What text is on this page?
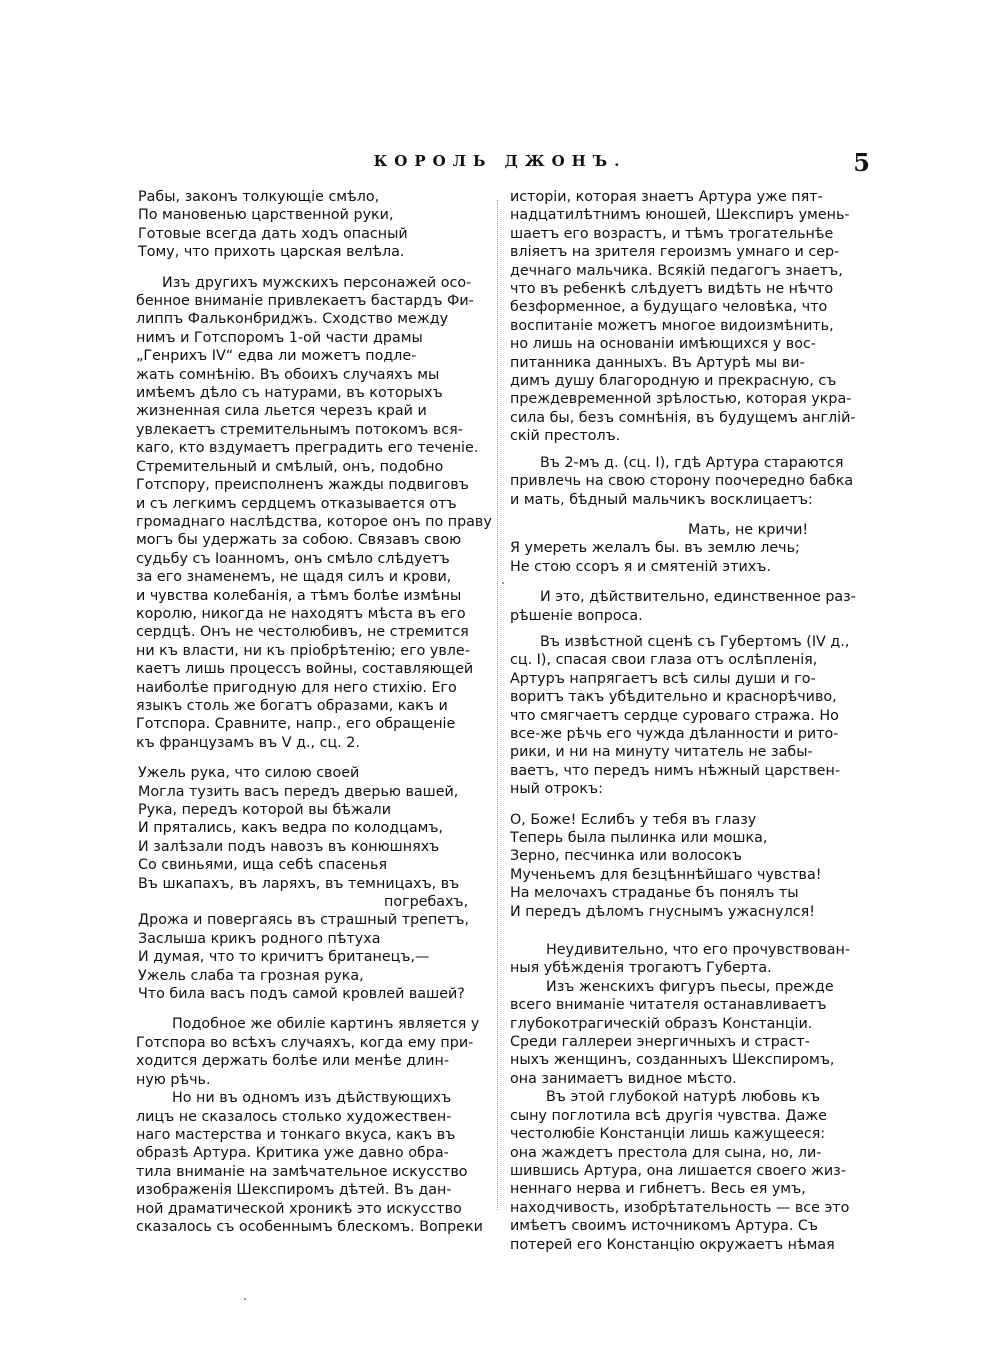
КОРОЛЬ ДЖОНЪ.	5
Рабы, законъ толкующіе смѣло,
По мановенью царственной руки,
Готовые всегда дать ходъ опасный
Тому, что прихоть царская велѣла.
Изъ другихъ мужскихъ персонажей осо-
бенное вниманіе привлекаетъ бастардъ Фи-
липпъ Фальконбриджъ. Сходство между
нимъ и Готспоромъ 1-ой части драмы
„Генрихъ IV“ едва ли можетъ подле-
жать сомнѣнію. Въ обоихъ случаяхъ мы
имѣемъ дѣло съ натурами, въ которыхъ
жизненная сила льется черезъ край и
увлекаетъ стремительнымъ потокомъ вся-
каго, кто вздумаетъ преградить его теченіе.
Стремительный и смѣлый, онъ, подобно
Готспору, преисполненъ жажды подвиговъ
и съ легкимъ сердцемъ отказывается отъ
громаднаго наслѣдства, которое онъ по праву
могъ бы удержать за собою. Связавъ свою
судьбу съ Іоанномъ, онъ смѣло слѣдуетъ
за его знаменемъ, не щадя силъ и крови,
и чувства колебанія, а тѣмъ болѣе измѣны
королю, никогда не находятъ мѣста въ его
сердцѣ. Онъ не честолюбивъ, не стремится
ни къ власти, ни къ пріобрѣтенію; его увле-
каетъ лишь процессъ войны, составляющей
наиболѣе пригодную для него стихію. Его
языкъ столь же богатъ образами, какъ и
Готспора. Сравните, напр., его обращеніе
къ французамъ въ V д., сц. 2.
Ужель рука, что силою своей
Могла тузить васъ передъ дверью вашей,
Рука, передъ которой вы бѣжали
И прятались, какъ ведра по колодцамъ,
И залѣзали подъ навозъ въ конюшняхъ
Со свиньями, ища себѣ спасенья
Въ шкапахъ, въ ларяхъ, въ темницахъ, въ
погребахъ,
Дрожа и повергаясь въ страшный трепетъ,
Заслыша крикъ родного пѣтуха
И думая, что то кричитъ британецъ,—
Ужель слаба та грозная рука,
Что била васъ подъ самой кровлей вашей?
Подобное же обиліе картинъ является у
Готспора во всѣхъ случаяхъ, когда ему при-
ходится держать болѣе или менѣе длин-
ную рѣчь.
Но ни въ одномъ изъ дѣйствующихъ
лицъ не сказалось столько художествен-
наго мастерства и тонкаго вкуса, какъ въ
образѣ Артура. Критика уже давно обра-
тила вниманіе на замѣчательное искусство
изображенія Шекспиромъ дѣтей. Въ дан-
ной драматической хроникѣ это искусство
сказалось съ особеннымъ блескомъ. Вопреки
исторіи, которая знаетъ Артура уже пят-
надцатилѣтнимъ юношей, Шекспиръ умень-
шаетъ его возрастъ, и тѣмъ трогательнѣе
вліяетъ на зрителя героизмъ умнаго и сер-
дечнаго мальчика. Всякій педагогъ знаетъ,
что въ ребенкѣ слѣдуетъ видѣть не нѣчто
безформенное, а будущаго человѣка, что
воспитаніе можетъ многое видоизмѣнить,
но лишь на основаніи имѣющихся у вос-
питанника данныхъ. Въ Артурѣ мы ви-
димъ душу благородную и прекрасную, съ
преждевременной зрѣлостью, которая укра-
сила бы, безъ сомнѣнія, въ будущемъ англій-
скій престолъ.
Въ 2-мъ д. (сц. I), гдѣ Артура стараются
привлечь на свою сторону поочередно бабка
и мать, бѣдный мальчикъ восклицаетъ:
Мать, не кричи!
Я умереть желалъ бы. въ землю лечь;
Не стою ссоръ я и смятеній этихъ.
И это, дѣйствительно, единственное раз-
рѣшеніе вопроса.
Въ извѣстной сценѣ съ Губертомъ (IV д.,
сц. I), спасая свои глаза отъ ослѣпленія,
Артуръ напрягаетъ всѣ силы души и го-
воритъ такъ убѣдительно и краснорѣчиво,
что смягчаетъ сердце суроваго стража. Но
все-же рѣчь его чужда дѣланности и рито-
рики, и ни на минуту читатель не забы-
ваетъ, что передъ нимъ нѣжный царствен-
ный отрокъ:
О, Боже! Еслибъ у тебя въ глазу
Теперь была пылинка или мошка,
Зерно, песчинка или волосокъ
Мученьемъ для безцѣннѣйшаго чувства!
На мелочахъ страданье бъ понялъ ты
И передъ дѣломъ гнуснымъ ужаснулся!
Неудивительно, что его прочувствован-
ныя убѣжденія трогаютъ Губерта.
Изъ женскихъ фигуръ пьесы, прежде
всего вниманіе читателя останавливаетъ
глубокотрагическій образъ Констанціи.
Среди галлереи энергичныхъ и страст-
ныхъ женщинъ, созданныхъ Шекспиромъ,
она занимаетъ видное мѣсто.
Въ этой глубокой натурѣ любовь къ
сыну поглотила всѣ другія чувства. Даже
честолюбіе Констанціи лишь кажущееся:
она жаждетъ престола для сына, но, ли-
шившись Артура, она лишается своего жиз-
неннаго нерва и гибнетъ. Весь ея умъ,
находчивость, изобрѣтательность — все это
имѣетъ своимъ источникомъ Артура. Съ
потерей его Констанцію окружаетъ нѣмая
